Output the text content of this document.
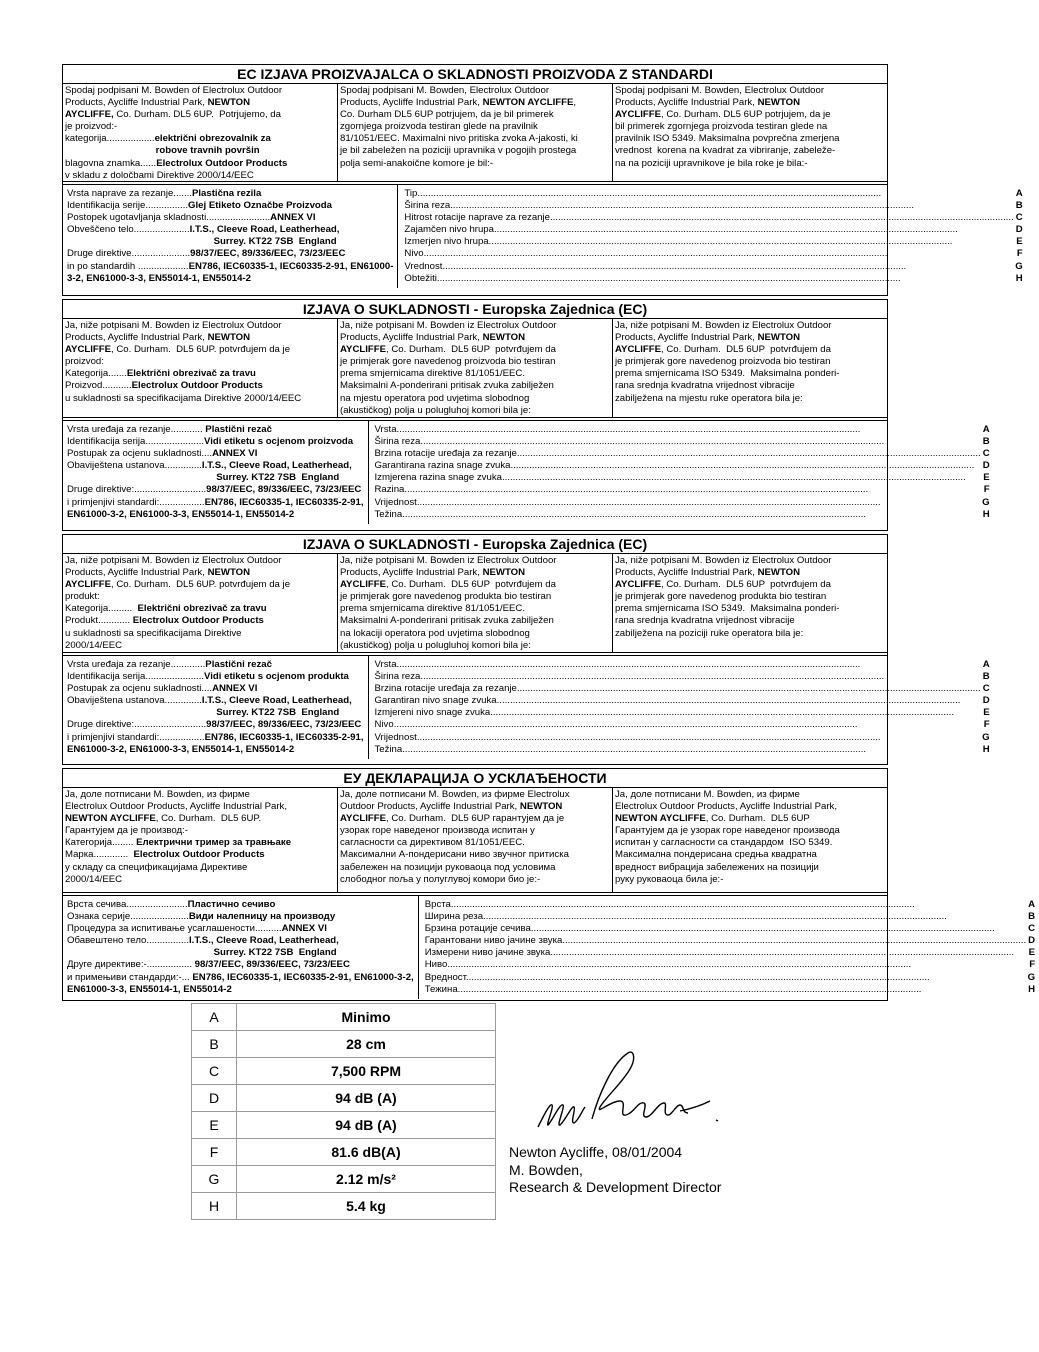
EC IZJAVA PROIZVAJALCA O SKLADNOSTI PROIZVODA Z STANDARDI
Spodaj podpisani M. Bowden of Electrolux Outdoor
Products, Aycliffe Industrial Park, NEWTON
AYCLIFFE, Co. Durham. DL5 6UP.  Potrjujemo, da
je proizvod:-
kategorija..................električni obrezovalnik za
robove travnih površin
blagovna znamka......Electrolux Outdoor Products
v skladu z določbami Direktive 2000/14/EEC
Spodaj podpisani M. Bowden, Electrolux Outdoor
Products, Aycliffe Industrial Park, NEWTON AYCLIFFE,
Co. Durham DL5 6UP potrjujem, da je bil primerek
zgornjega proizvoda testiran glede na pravilnik
81/1051/EEC. Maximalni nivo pritiska zvoka A-jakosti, ki
je bil zabeležen na poziciji upravnika v pogojih prostega
polja semi-anakoične komore je bil:-
Spodaj podpisani M. Bowden, Electrolux Outdoor
Products, Aycliffe Industrial Park, NEWTON
AYCLIFFE, Co. Durham. DL5 6UP potrjujem, da je
bil primerek zgornjega proizvoda testiran glede na
pravilnik ISO 5349. Maksimalna povprečna zmerjena
vrednost  korena na kvadrat za vibriranje, zabeleže-
na na poziciji upravnikove je bila roke je bila:-
Vrsta naprave za rezanje.......Plastična rezila
Identifikacija serije................Glej Etiketo Označbe Proizvoda
Postopek ugotavljanja skladnosti........................ANNEX VI
Obveščeno telo.....................I.T.S., Cleeve Road, Leatherhead,
Surrey. KT22 7SB  England
Druge direktive......................98/37/EEC, 89/336/EEC, 73/23/EEC
in po standardih ...................EN786, IEC60335-1, IEC60335-2-91, EN61000-
3-2, EN61000-3-3, EN55014-1, EN55014-2
Tip..............................................................................................................................................................................	A
Širina reza..............................................................................................................................................................................	B
Hitrost rotacije naprave za rezanje.............................................................................................................................................................................. C
Zajamčen nivo hrupa..............................................................................................................................................................................	D
Izmerjen nivo hrupa..............................................................................................................................................................................	E
Nivo..............................................................................................................................................................................	F
Vrednost..............................................................................................................................................................................	G
Obtežiti..............................................................................................................................................................................	H
IZJAVA O SUKLADNOSTI - Europska Zajednica (EC)
Ja, niže potpisani M. Bowden iz Electrolux Outdoor
Products, Aycliffe Industrial Park, NEWTON
AYCLIFFE, Co. Durham.  DL5 6UP. potvrđujem da je
proizvod:
Kategorija.......Električni obrezivač za travu
Proizvod...........Electrolux Outdoor Products
u sukladnosti sa specifikacijama Direktive 2000/14/EEC
Ja, niže potpisani M. Bowden iz Electrolux Outdoor
Products, Aycliffe Industrial Park, NEWTON
AYCLIFFE, Co. Durham.  DL5 6UP  potvrđujem da
je primjerak gore navedenog proizvoda bio testiran
prema smjernicama direktive 81/1051/EEC.
Maksimalni A-ponderirani pritisak zvuka zabilježen
na mjestu operatora pod uvjetima slobodnog
(akustičkog) polja u polugluhoj komori bila je:
Ja, niže potpisani M. Bowden iz Electrolux Outdoor
Products, Aycliffe Industrial Park, NEWTON
AYCLIFFE, Co. Durham.  DL5 6UP  potvrđujem da
je primjerak gore navedenog proizvoda bio testiran
prema smjernicama ISO 5349.  Maksimalna ponderi-
rana srednja kvadratna vrijednost vibracije
zabilježena na mjestu ruke operatora bila je:
Vrsta uređaja za rezanje............ Plastični rezač
Identifikacija serija......................Vidi etiketu s ocjenom proizvoda
Postupak za ocjenu sukladnosti....ANNEX VI
Obaviještena ustanova..............I.T.S., Cleeve Road, Leatherhead,
Surrey. KT22 7SB  England
Druge direktive:...........................98/37/EEC, 89/336/EEC, 73/23/EEC
i primjenjivi standardi:.................EN786, IEC60335-1, IEC60335-2-91,
EN61000-3-2, EN61000-3-3, EN55014-1, EN55014-2
Vrsta..............................................................................................................................................................................	A
Širina reza..............................................................................................................................................................................	B
Brzina rotacije uređaja za rezanje.............................................................................................................................................................................. C
Garantirana razina snage zvuka.............................................................................................................................................................................. D
Izmjerena razina snage zvuka..............................................................................................................................................................................	E
Razina..............................................................................................................................................................................	F
Vrijednost..............................................................................................................................................................................	G
Težina..............................................................................................................................................................................	H
IZJAVA O SUKLADNOSTI - Europska Zajednica (EC)
Ja, niže potpisani M. Bowden iz Electrolux Outdoor
Products, Aycliffe Industrial Park, NEWTON
AYCLIFFE, Co. Durham.  DL5 6UP. potvrđujem da je
produkt:
Kategorija.........  Električni obrezivač za travu
Produkt............ Electrolux Outdoor Products
u sukladnosti sa specifikacijama Direktive
2000/14/EEC
Ja, niže potpisani M. Bowden iz Electrolux Outdoor
Products, Aycliffe Industrial Park, NEWTON
AYCLIFFE, Co. Durham.  DL5 6UP  potvrđujem da
je primjerak gore navedenog produkta bio testiran
prema smjernicama direktive 81/1051/EEC.
Maksimalni A-ponderirani pritisak zvuka zabilježen
na lokaciji operatora pod uvjetima slobodnog
(akustičkog) polja u polugluhoj komori bila je:
Ja, niže potpisani M. Bowden iz Electrolux Outdoor
Products, Aycliffe Industrial Park, NEWTON
AYCLIFFE, Co. Durham.  DL5 6UP  potvrđujem da
je primjerak gore navedenog produkta bio testiran
prema smjernicama ISO 5349.  Maksimalna ponderi-
rana srednja kvadratna vrijednost vibracije
zabilježena na poziciji ruke operatora bila je:
Vrsta uređaja za rezanje.............Plastični rezač
Identifikacija serija......................Vidi etiketu s ocjenom produkta
Postupak za ocjenu sukladnosti....ANNEX VI
Obaviještena ustanova..............I.T.S., Cleeve Road, Leatherhead,
Surrey. KT22 7SB  England
Druge direktive:...........................98/37/EEC, 89/336/EEC, 73/23/EEC
i primjenjivi standardi:.................EN786, IEC60335-1, IEC60335-2-91,
EN61000-3-2, EN61000-3-3, EN55014-1, EN55014-2
Vrsta..............................................................................................................................................................................	A
Širina reza..............................................................................................................................................................................	B
Brzina rotacije uređaja za rezanje.............................................................................................................................................................................. C
Garantiran nivo snage zvuka..............................................................................................................................................................................	D
Izmjereni nivo snage zvuka..............................................................................................................................................................................	E
Nivo..............................................................................................................................................................................	F
Vrijednost..............................................................................................................................................................................	G
Težina..............................................................................................................................................................................	H
ЕУ ДЕКЛАРАЦИЈА О УСКЛАЂЕНОСТИ
Ја, доле потписани M. Bowden, из фирме
Electrolux Outdoor Products, Aycliffe Industrial Park,
NEWTON AYCLIFFE, Co. Durham.  DL5 6UP.
Гарантујем да је производ:-
Категорија........ Електрични тример за травњаке
Марка.............  Electrolux Outdoor Products
у складу са спецификацијама Директиве
2000/14/EEC
Ја, доле потписани M. Bowden, из фирме Electrolux
Outdoor Products, Aycliffe Industrial Park, NEWTON
AYCLIFFE, Co. Durham.  DL5 6UP гарантујем да је
узорак горе наведеног производа испитан у
сагласности са директивом 81/1051/EEC.
Максимални А-пондерисани ниво звучног притиска
забележен на позицији руковаоца под условима
слободног поља у полуглувој комори био је:-
Ја, доле потписани M. Bowden, из фирме
Electrolux Outdoor Products, Aycliffe Industrial Park,
NEWTON AYCLIFFE, Co. Durham.  DL5 6UP
Гарантујем да је узорак горе наведеног производа
испитан у сагласности са стандардом  ISO 5349.
Максимална пондерисана средња квадратна
вредност вибрација забележених на позицији
руку руковаоца била је:-
Врста сечива.......................Пластично сечиво
Ознака серије......................Види налепницу на производу
Процедура за испитивање усаглашености..........ANNEX VI
Обавештено тело................I.T.S., Cleeve Road, Leatherhead,
Surrey. KT22 7SB  England
Друге директиве:-................. 98/37/EEC, 89/336/EEC, 73/23/EEC
и примењиви стандарди:-... EN786, IEC60335-1, IEC60335-2-91, EN61000-3-2,
EN61000-3-3, EN55014-1, EN55014-2
Врста..............................................................................................................................................................................	A
Ширина реза..............................................................................................................................................................................	B
Брзина ротације сечива..............................................................................................................................................................................	C
Гарантовани ниво јачине звука.............................................................................................................................................................................. D
Измерени ниво јачине звука..............................................................................................................................................................................	E
Ниво..............................................................................................................................................................................	F
Вредност..............................................................................................................................................................................	G
Тежина..............................................................................................................................................................................	H
A	Minimo
B	28 cm
C	7,500 RPM
D	94 dB (A)
E	94 dB (A)
F	81.6 dB(A)
G	2.12 m/s²
H	5.4 kg
Newton Aycliffe, 08/01/2004
M. Bowden,
Research & Development Director
